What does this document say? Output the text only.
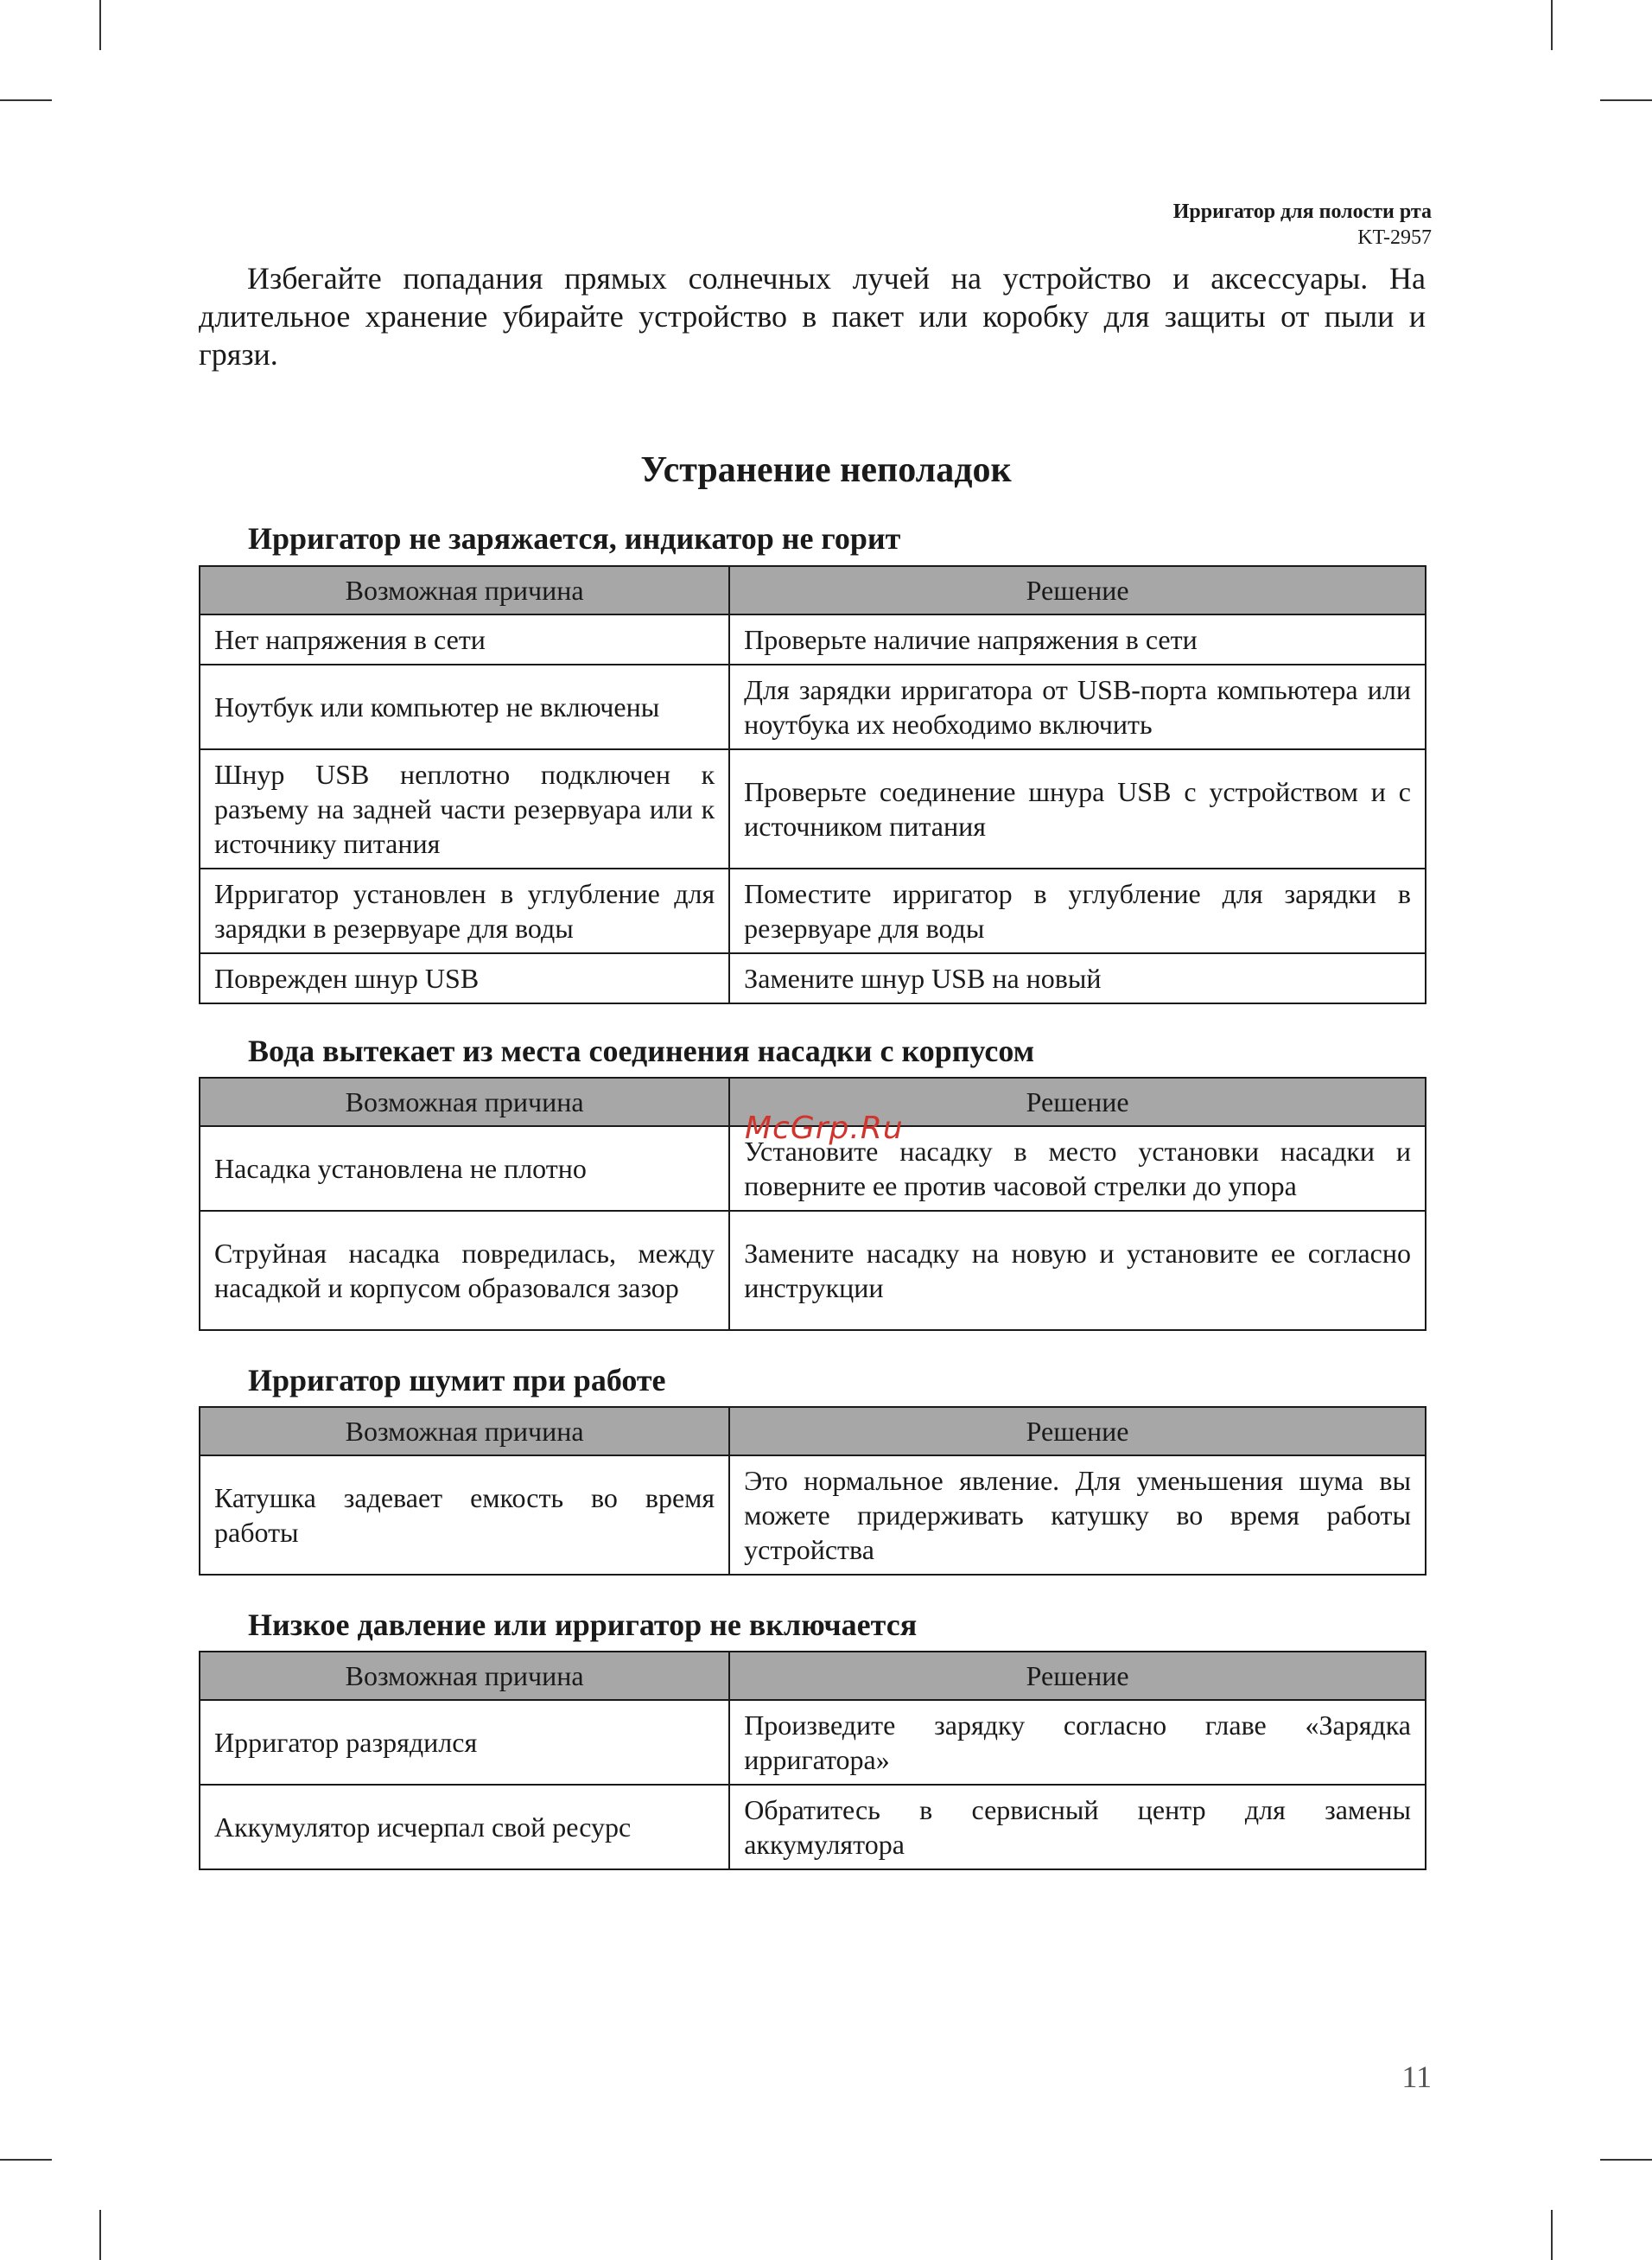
Ирригатор для полости рта
KT-2957

Избегайте попадания прямых солнечных лучей на устройство и аксессуары. На длительное хранение убирайте устройство в пакет или коробку для защиты от пыли и грязи.

Устранение неполадок
Ирригатор не заряжается, индикатор не горит
Возможная причина	Решение
Нет напряжения в сети	Проверьте наличие напряжения в сети
Ноутбук или компьютер не включены	Для зарядки ирригатора от USB-порта компьютера или ноутбука их необходимо включить
Шнур USB неплотно подключен к разъему на задней части резервуара или к источнику питания	Проверьте соединение шнура USB с устройством и с источником питания
Ирригатор установлен в углубление для зарядки в резервуаре для воды	Поместите ирригатор в углубление для зарядки в резервуаре для воды
Поврежден шнур USB	Замените шнур USB на новый
Вода вытекает из места соединения насадки с корпусом
Возможная причина	Решение
Насадка установлена не плотно	Установите насадку в место установки насадки и поверните ее против часовой стрелки до упора
Струйная насадка повредилась, между насадкой и корпусом образовался зазор	Замените насадку на новую и установите ее согласно инструкции
Ирригатор шумит при работе
Возможная причина	Решение
Катушка задевает емкость во время работы	Это нормальное явление. Для уменьшения шума вы можете придерживать катушку во время работы устройства
Низкое давление или ирригатор не включается
Возможная причина	Решение
Ирригатор разрядился	Произведите зарядку согласно главе «Зарядка ирригатора»
Аккумулятор исчерпал свой ресурс	Обратитесь в сервисный центр для замены аккумулятора
McGrp.Ru
11
